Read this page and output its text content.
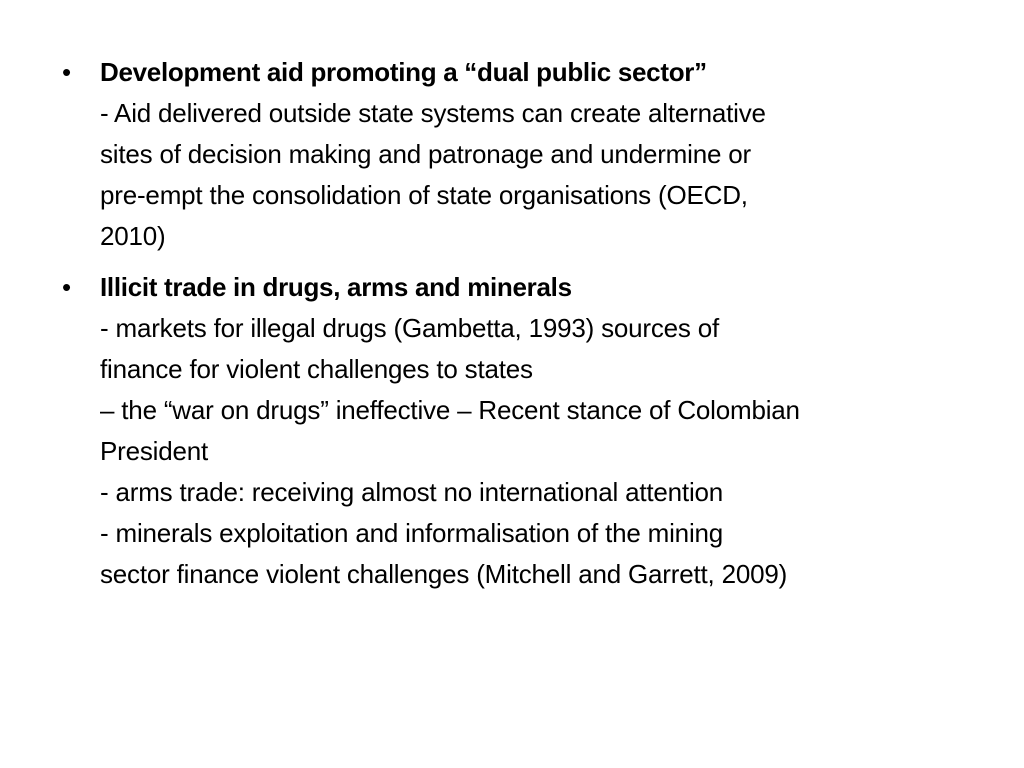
• Development aid promoting a “dual public sector”
- Aid delivered outside state systems can create alternative
sites of decision making and patronage and undermine or
pre-empt the consolidation of state organisations (OECD,
2010)
• Illicit trade in drugs, arms and minerals
- markets for illegal drugs (Gambetta, 1993) sources of
finance for violent challenges to states
– the “war on drugs” ineffective – Recent stance of Colombian
President
- arms trade: receiving almost no international attention
- minerals exploitation and informalisation of the mining
sector finance violent challenges (Mitchell and Garrett, 2009)
